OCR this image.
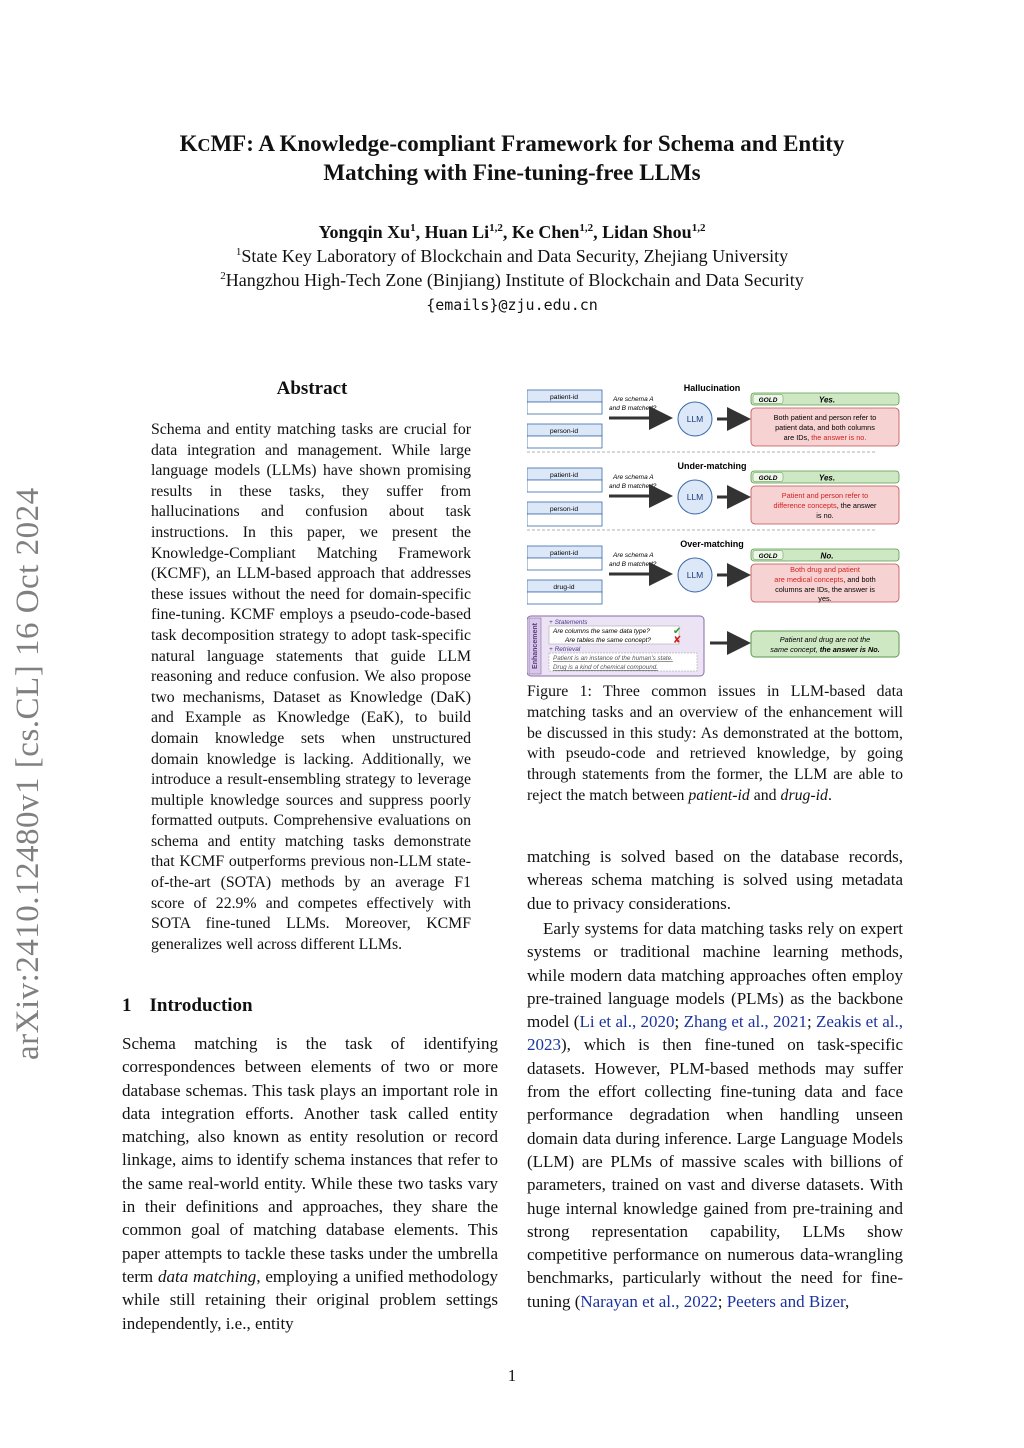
arXiv:2410.12480v1 [cs.CL] 16 Oct 2024
KCMF: A Knowledge-compliant Framework for Schema and Entity
Matching with Fine-tuning-free LLMs
Yongqin Xu$^1$, Huan Li$^{1,2}$, Ke Chen$^{1,2}$, Lidan Shou$^{1,2}$
$^1$State Key Laboratory of Blockchain and Data Security, Zhejiang University
$^2$Hangzhou High-Tech Zone (Binjiang) Institute of Blockchain and Data Security
{emails}@zju.edu.cn
Abstract

Schema and entity matching tasks are crucial for data integration and management. While large language models (LLMs) have shown promising results in these tasks, they suffer from hallucinations and confusion about task instructions. In this paper, we present the Knowledge-Compliant Matching Framework (KCMF), an LLM-based approach that addresses these issues without the need for domain-specific fine-tuning. KCMF employs a pseudo-code-based task decomposition strategy to adopt task-specific natural language statements that guide LLM reasoning and reduce confusion. We also propose two mechanisms, Dataset as Knowledge (DaK) and Example as Knowledge (EaK), to build domain knowledge sets when unstructured domain knowledge is lacking. Additionally, we introduce a result-ensembling strategy to leverage multiple knowledge sources and suppress poorly formatted outputs. Comprehensive evaluations on schema and entity matching tasks demonstrate that KCMF outperforms previous non-LLM state-of-the-art (SOTA) methods by an average F1 score of 22.9% and competes effectively with SOTA fine-tuned LLMs. Moreover, KCMF generalizes well across different LLMs.

1 Introduction

Schema matching is the task of identifying correspondences between elements of two or more database schemas. This task plays an important role in data integration efforts. Another task called entity matching, also known as entity resolution or record linkage, aims to identify schema instances that refer to the same real-world entity. While these two tasks vary in their definitions and approaches, they share the common goal of matching database elements. This paper attempts to tackle these tasks under the umbrella term data matching, employing a unified methodology while still retaining their original problem settings independently, i.e., entity

Hallucination
patient-id
person-id
Are schema A
and B matched?
LLM
GOLD	Yes.
Both patient and person refer to
patient data, and both columns
are IDs, the answer is no.
Under-matching
patient-id
person-id
Are schema A
and B matched?
LLM
GOLD	Yes.
Patient and person refer to
difference concepts, the answer
is no.
Over-matching
patient-id
drug-id
Are schema A
and B matched?
LLM
GOLD	No.
Both drug and patient
are medical concepts, and both
columns are IDs, the answer is
yes.
Enhancement
+ Statements
Are columns the same data type?
Are tables the same concept?
✔
✘
+ Retrieval
Patient is an instance of the human's state.
Drug is a kind of chemical compound.
Patient and drug are not the
same concept, the answer is No.
Figure 1: Three common issues in LLM-based data matching tasks and an overview of the enhancement will be discussed in this study: As demonstrated at the bottom, with pseudo-code and retrieved knowledge, by going through statements from the former, the LLM are able to reject the match between patient-id and drug-id.

matching is solved based on the database records, whereas schema matching is solved using metadata due to privacy considerations.

Early systems for data matching tasks rely on expert systems or traditional machine learning methods, while modern data matching approaches often employ pre-trained language models (PLMs) as the backbone model (Li et al., 2020; Zhang et al., 2021; Zeakis et al., 2023), which is then fine-tuned on task-specific datasets. However, PLM-based methods may suffer from the effort collecting fine-tuning data and face performance degradation when handling unseen domain data during inference. Large Language Models (LLM) are PLMs of massive scales with billions of parameters, trained on vast and diverse datasets. With huge internal knowledge gained from pre-training and strong representation capability, LLMs show competitive performance on numerous data-wrangling benchmarks, particularly without the need for fine-tuning (Narayan et al., 2022; Peeters and Bizer,

1
